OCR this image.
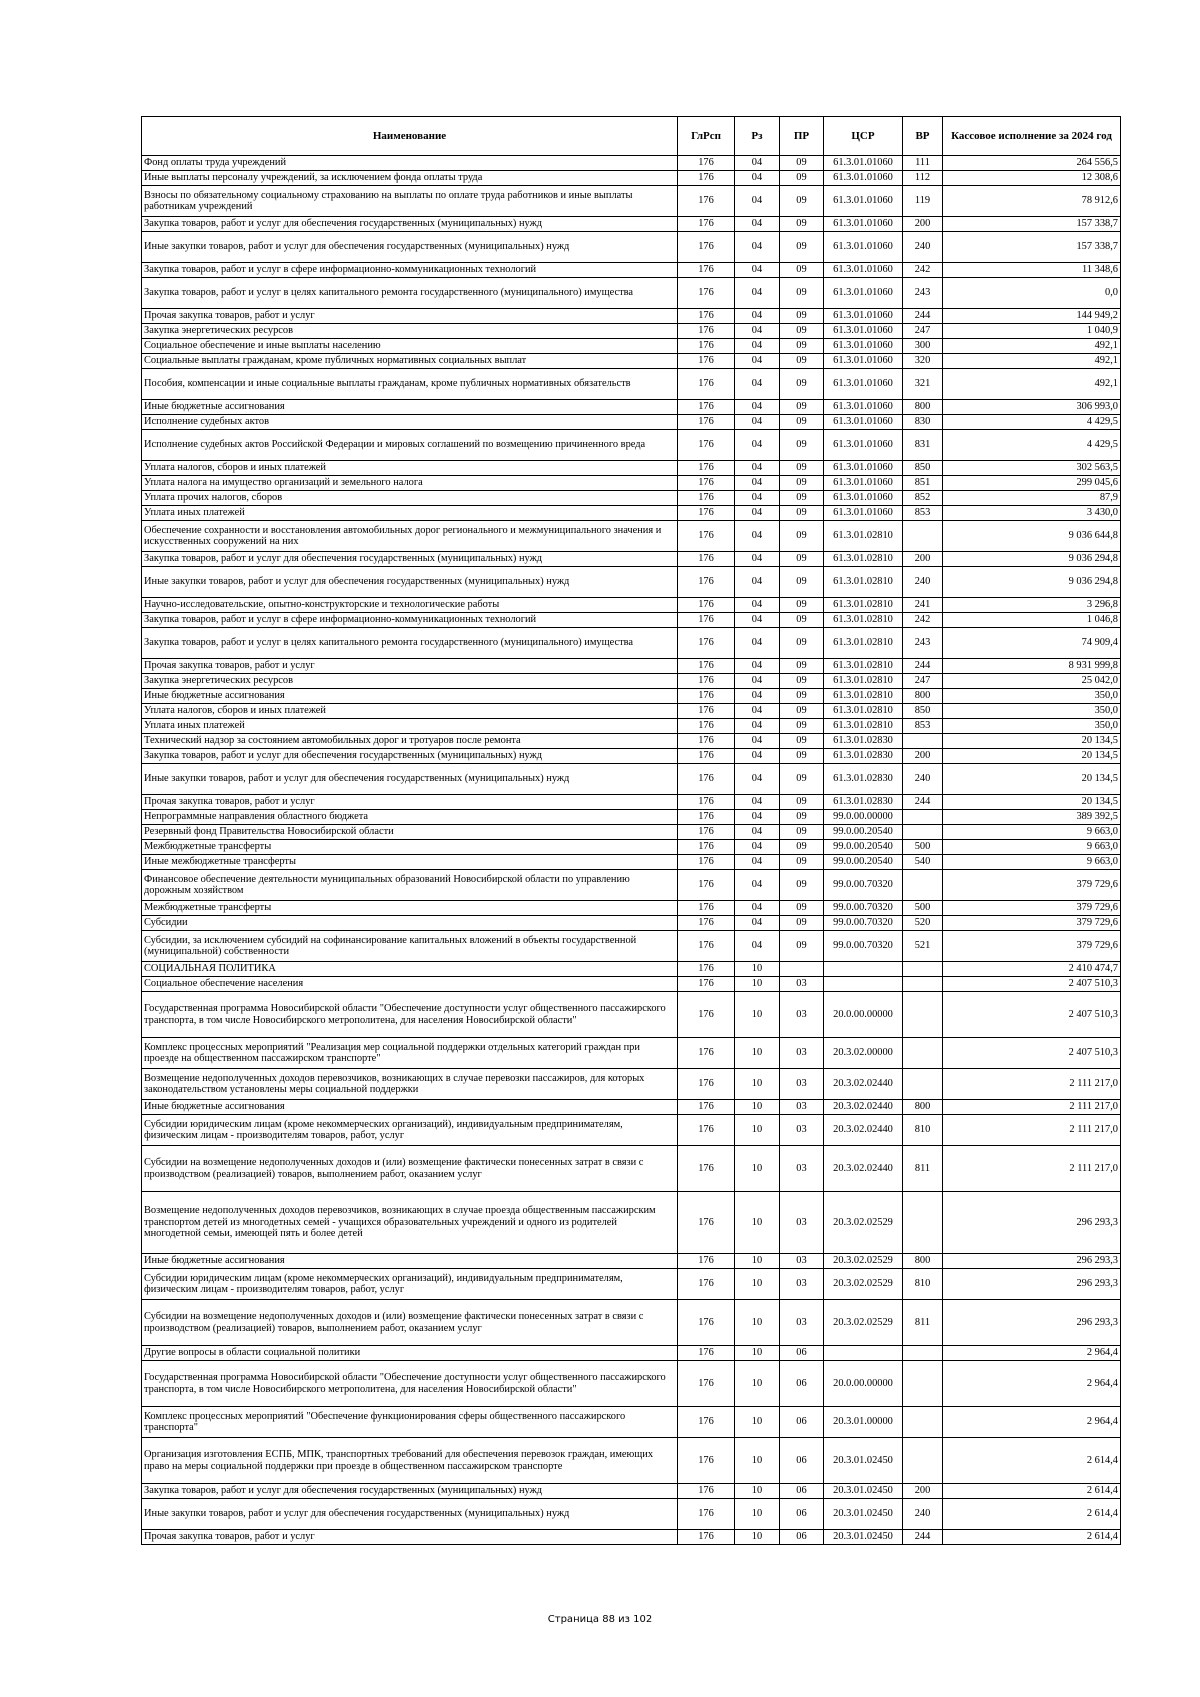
Наименование	ГлРсп	Рз	ПР	ЦСР	ВР	Кассовое исполнение за 2024 год
Фонд оплаты труда учреждений	176	04	09	61.3.01.01060	111	264 556,5
Иные выплаты персоналу учреждений, за исключением фонда оплаты труда	176	04	09	61.3.01.01060	112	12 308,6
Взносы по обязательному социальному страхованию на выплаты по оплате труда работников и иные выплаты работникам учреждений	176	04	09	61.3.01.01060	119	78 912,6
Закупка товаров, работ и услуг для обеспечения государственных (муниципальных) нужд	176	04	09	61.3.01.01060	200	157 338,7
Иные закупки товаров, работ и услуг для обеспечения государственных (муниципальных) нужд	176	04	09	61.3.01.01060	240	157 338,7
Закупка товаров, работ и услуг в сфере информационно-коммуникационных технологий	176	04	09	61.3.01.01060	242	11 348,6
Закупка товаров, работ и услуг в целях капитального ремонта государственного (муниципального) имущества	176	04	09	61.3.01.01060	243	0,0
Прочая закупка товаров, работ и услуг	176	04	09	61.3.01.01060	244	144 949,2
Закупка энергетических ресурсов	176	04	09	61.3.01.01060	247	1 040,9
Социальное обеспечение и иные выплаты населению	176	04	09	61.3.01.01060	300	492,1
Социальные выплаты гражданам, кроме публичных нормативных социальных выплат	176	04	09	61.3.01.01060	320	492,1
Пособия, компенсации и иные социальные выплаты гражданам, кроме публичных нормативных обязательств	176	04	09	61.3.01.01060	321	492,1
Иные бюджетные ассигнования	176	04	09	61.3.01.01060	800	306 993,0
Исполнение судебных актов	176	04	09	61.3.01.01060	830	4 429,5
Исполнение судебных актов Российской Федерации и мировых соглашений по возмещению причиненного вреда	176	04	09	61.3.01.01060	831	4 429,5
Уплата налогов, сборов и иных платежей	176	04	09	61.3.01.01060	850	302 563,5
Уплата налога на имущество организаций и земельного налога	176	04	09	61.3.01.01060	851	299 045,6
Уплата прочих налогов, сборов	176	04	09	61.3.01.01060	852	87,9
Уплата иных платежей	176	04	09	61.3.01.01060	853	3 430,0
Обеспечение сохранности и восстановления автомобильных дорог регионального и межмуниципального значения и искусственных сооружений на них	176	04	09	61.3.01.02810		9 036 644,8
Закупка товаров, работ и услуг для обеспечения государственных (муниципальных) нужд	176	04	09	61.3.01.02810	200	9 036 294,8
Иные закупки товаров, работ и услуг для обеспечения государственных (муниципальных) нужд	176	04	09	61.3.01.02810	240	9 036 294,8
Научно-исследовательские, опытно-конструкторские и технологические работы	176	04	09	61.3.01.02810	241	3 296,8
Закупка товаров, работ и услуг в сфере информационно-коммуникационных технологий	176	04	09	61.3.01.02810	242	1 046,8
Закупка товаров, работ и услуг в целях капитального ремонта государственного (муниципального) имущества	176	04	09	61.3.01.02810	243	74 909,4
Прочая закупка товаров, работ и услуг	176	04	09	61.3.01.02810	244	8 931 999,8
Закупка энергетических ресурсов	176	04	09	61.3.01.02810	247	25 042,0
Иные бюджетные ассигнования	176	04	09	61.3.01.02810	800	350,0
Уплата налогов, сборов и иных платежей	176	04	09	61.3.01.02810	850	350,0
Уплата иных платежей	176	04	09	61.3.01.02810	853	350,0
Технический надзор за состоянием автомобильных дорог и тротуаров после ремонта	176	04	09	61.3.01.02830		20 134,5
Закупка товаров, работ и услуг для обеспечения государственных (муниципальных) нужд	176	04	09	61.3.01.02830	200	20 134,5
Иные закупки товаров, работ и услуг для обеспечения государственных (муниципальных) нужд	176	04	09	61.3.01.02830	240	20 134,5
Прочая закупка товаров, работ и услуг	176	04	09	61.3.01.02830	244	20 134,5
Непрограммные направления областного бюджета	176	04	09	99.0.00.00000		389 392,5
Резервный фонд Правительства Новосибирской области	176	04	09	99.0.00.20540		9 663,0
Межбюджетные трансферты	176	04	09	99.0.00.20540	500	9 663,0
Иные межбюджетные трансферты	176	04	09	99.0.00.20540	540	9 663,0
Финансовое обеспечение деятельности муниципальных образований Новосибирской области по управлению дорожным хозяйством	176	04	09	99.0.00.70320		379 729,6
Межбюджетные трансферты	176	04	09	99.0.00.70320	500	379 729,6
Субсидии	176	04	09	99.0.00.70320	520	379 729,6
Субсидии, за исключением субсидий на софинансирование капитальных вложений в объекты государственной (муниципальной) собственности	176	04	09	99.0.00.70320	521	379 729,6
СОЦИАЛЬНАЯ ПОЛИТИКА	176	10				2 410 474,7
Социальное обеспечение населения	176	10	03			2 407 510,3
Государственная программа Новосибирской области "Обеспечение доступности услуг общественного пассажирского транспорта, в том числе Новосибирского метрополитена, для населения Новосибирской области"	176	10	03	20.0.00.00000		2 407 510,3
Комплекс процессных мероприятий "Реализация мер социальной поддержки отдельных категорий граждан при проезде на общественном пассажирском транспорте"	176	10	03	20.3.02.00000		2 407 510,3
Возмещение недополученных доходов перевозчиков, возникающих в случае перевозки пассажиров, для которых законодательством установлены меры социальной поддержки	176	10	03	20.3.02.02440		2 111 217,0
Иные бюджетные ассигнования	176	10	03	20.3.02.02440	800	2 111 217,0
Субсидии юридическим лицам (кроме некоммерческих организаций), индивидуальным предпринимателям, физическим лицам - производителям товаров, работ, услуг	176	10	03	20.3.02.02440	810	2 111 217,0
Субсидии на возмещение недополученных доходов и (или) возмещение фактически понесенных затрат в связи с производством (реализацией) товаров, выполнением работ, оказанием услуг	176	10	03	20.3.02.02440	811	2 111 217,0
Возмещение недополученных доходов перевозчиков, возникающих в случае проезда общественным пассажирским транспортом детей из многодетных семей - учащихся образовательных учреждений и одного из родителей многодетной семьи, имеющей пять и более детей	176	10	03	20.3.02.02529		296 293,3
Иные бюджетные ассигнования	176	10	03	20.3.02.02529	800	296 293,3
Субсидии юридическим лицам (кроме некоммерческих организаций), индивидуальным предпринимателям, физическим лицам - производителям товаров, работ, услуг	176	10	03	20.3.02.02529	810	296 293,3
Субсидии на возмещение недополученных доходов и (или) возмещение фактически понесенных затрат в связи с производством (реализацией) товаров, выполнением работ, оказанием услуг	176	10	03	20.3.02.02529	811	296 293,3
Другие вопросы в области социальной политики	176	10	06			2 964,4
Государственная программа Новосибирской области "Обеспечение доступности услуг общественного пассажирского транспорта, в том числе Новосибирского метрополитена, для населения Новосибирской области"	176	10	06	20.0.00.00000		2 964,4
Комплекс процессных мероприятий "Обеспечение функционирования сферы общественного пассажирского транспорта"	176	10	06	20.3.01.00000		2 964,4
Организация изготовления ЕСПБ, МПК, транспортных требований для обеспечения перевозок граждан, имеющих право на меры социальной поддержки при проезде в общественном пассажирском транспорте	176	10	06	20.3.01.02450		2 614,4
Закупка товаров, работ и услуг для обеспечения государственных (муниципальных) нужд	176	10	06	20.3.01.02450	200	2 614,4
Иные закупки товаров, работ и услуг для обеспечения государственных (муниципальных) нужд	176	10	06	20.3.01.02450	240	2 614,4
Прочая закупка товаров, работ и услуг	176	10	06	20.3.01.02450	244	2 614,4
Страница 88 из 102
